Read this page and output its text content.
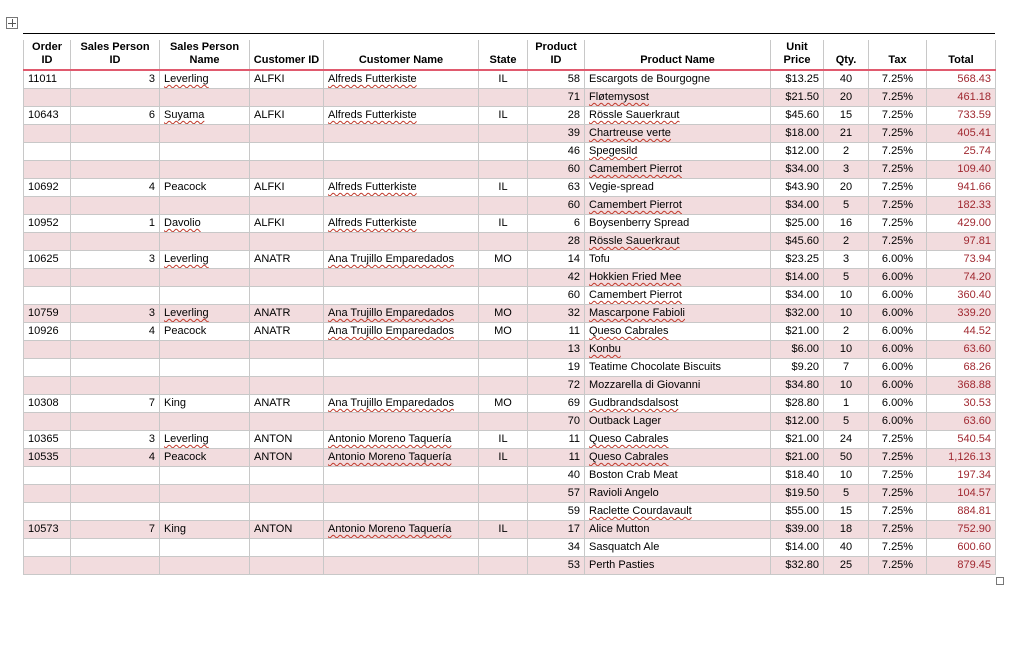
Order ID	Sales Person ID	Sales Person Name	Customer ID	Customer Name	State	Product ID	Product Name	Unit Price	Qty.	Tax	Total
11011	3	Leverling	ALFKI	Alfreds Futterkiste	IL	58	Escargots de Bourgogne	$13.25	40	7.25%	568.43
						71	Fløtemysost	$21.50	20	7.25%	461.18
10643	6	Suyama	ALFKI	Alfreds Futterkiste	IL	28	Rössle Sauerkraut	$45.60	15	7.25%	733.59
						39	Chartreuse verte	$18.00	21	7.25%	405.41
						46	Spegesild	$12.00	2	7.25%	25.74
						60	Camembert Pierrot	$34.00	3	7.25%	109.40
10692	4	Peacock	ALFKI	Alfreds Futterkiste	IL	63	Vegie-spread	$43.90	20	7.25%	941.66
						60	Camembert Pierrot	$34.00	5	7.25%	182.33
10952	1	Davolio	ALFKI	Alfreds Futterkiste	IL	6	Boysenberry Spread	$25.00	16	7.25%	429.00
						28	Rössle Sauerkraut	$45.60	2	7.25%	97.81
10625	3	Leverling	ANATR	Ana Trujillo Emparedados	MO	14	Tofu	$23.25	3	6.00%	73.94
						42	Hokkien Fried Mee	$14.00	5	6.00%	74.20
						60	Camembert Pierrot	$34.00	10	6.00%	360.40
10759	3	Leverling	ANATR	Ana Trujillo Emparedados	MO	32	Mascarpone Fabioli	$32.00	10	6.00%	339.20
10926	4	Peacock	ANATR	Ana Trujillo Emparedados	MO	11	Queso Cabrales	$21.00	2	6.00%	44.52
						13	Konbu	$6.00	10	6.00%	63.60
						19	Teatime Chocolate Biscuits	$9.20	7	6.00%	68.26
						72	Mozzarella di Giovanni	$34.80	10	6.00%	368.88
10308	7	King	ANATR	Ana Trujillo Emparedados	MO	69	Gudbrandsdalsost	$28.80	1	6.00%	30.53
						70	Outback Lager	$12.00	5	6.00%	63.60
10365	3	Leverling	ANTON	Antonio Moreno Taquería	IL	11	Queso Cabrales	$21.00	24	7.25%	540.54
10535	4	Peacock	ANTON	Antonio Moreno Taquería	IL	11	Queso Cabrales	$21.00	50	7.25%	1,126.13
						40	Boston Crab Meat	$18.40	10	7.25%	197.34
						57	Ravioli Angelo	$19.50	5	7.25%	104.57
						59	Raclette Courdavault	$55.00	15	7.25%	884.81
10573	7	King	ANTON	Antonio Moreno Taquería	IL	17	Alice Mutton	$39.00	18	7.25%	752.90
						34	Sasquatch Ale	$14.00	40	7.25%	600.60
						53	Perth Pasties	$32.80	25	7.25%	879.45
